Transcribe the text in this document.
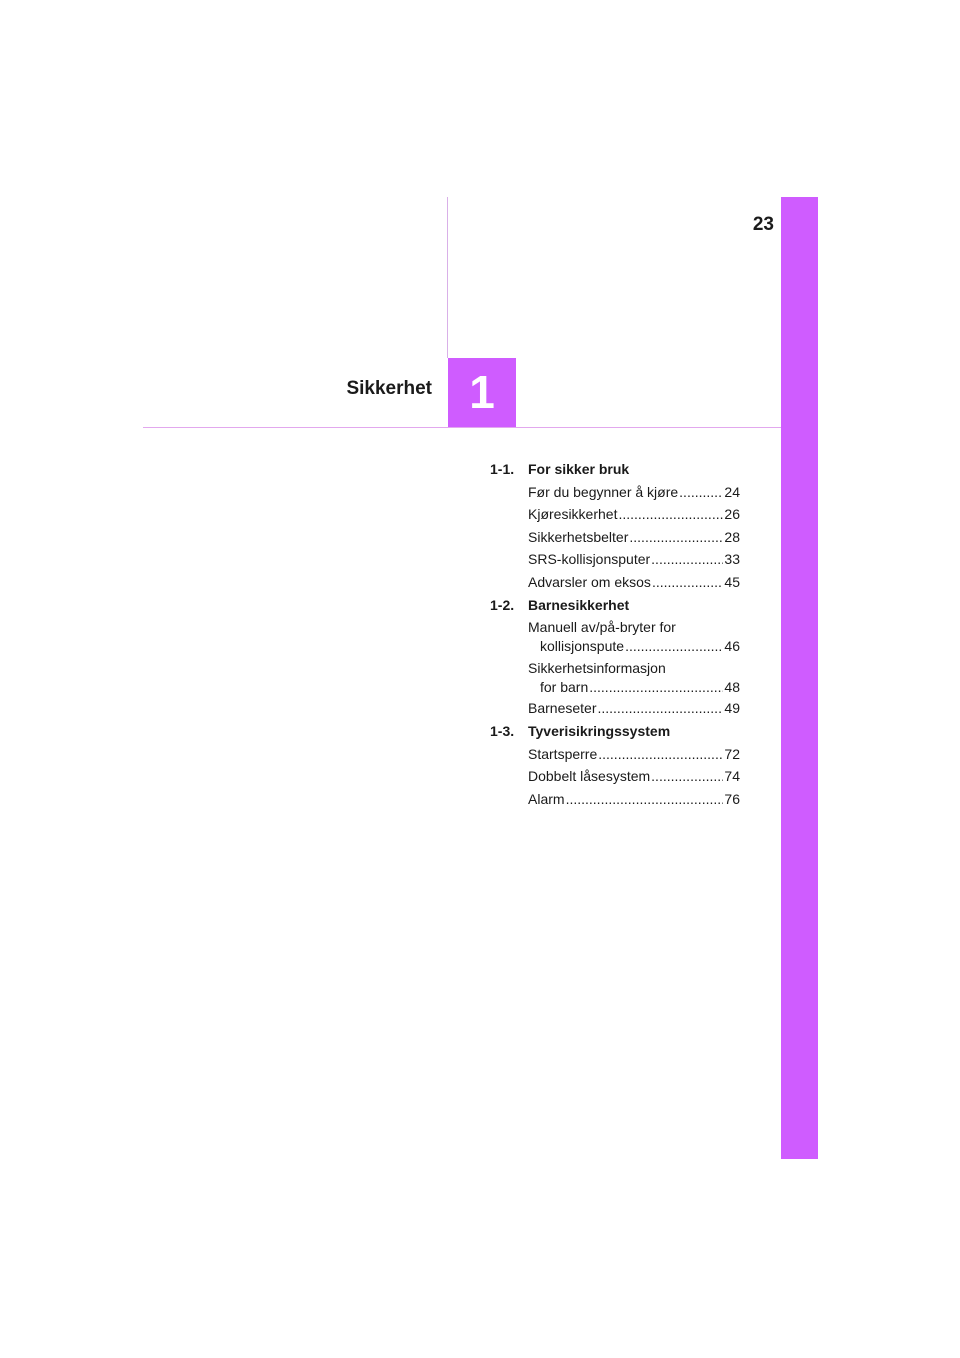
23
1
Sikkerhet
1-1. For sikker bruk
Før du begynner å kjøre .....	24
Kjøresikkerhet .....	26
Sikkerhetsbelter .....	28
SRS-kollisjonsputer .....	33
Advarsler om eksos .....	45
1-2. Barnesikkerhet
Manuell av/på-bryter for
kollisjonspute .....	46
Sikkerhetsinformasjon
for barn .....	48
Barneseter .....	49
1-3. Tyverisikringssystem
Startsperre .....	72
Dobbelt låsesystem .....	74
Alarm .....	76
